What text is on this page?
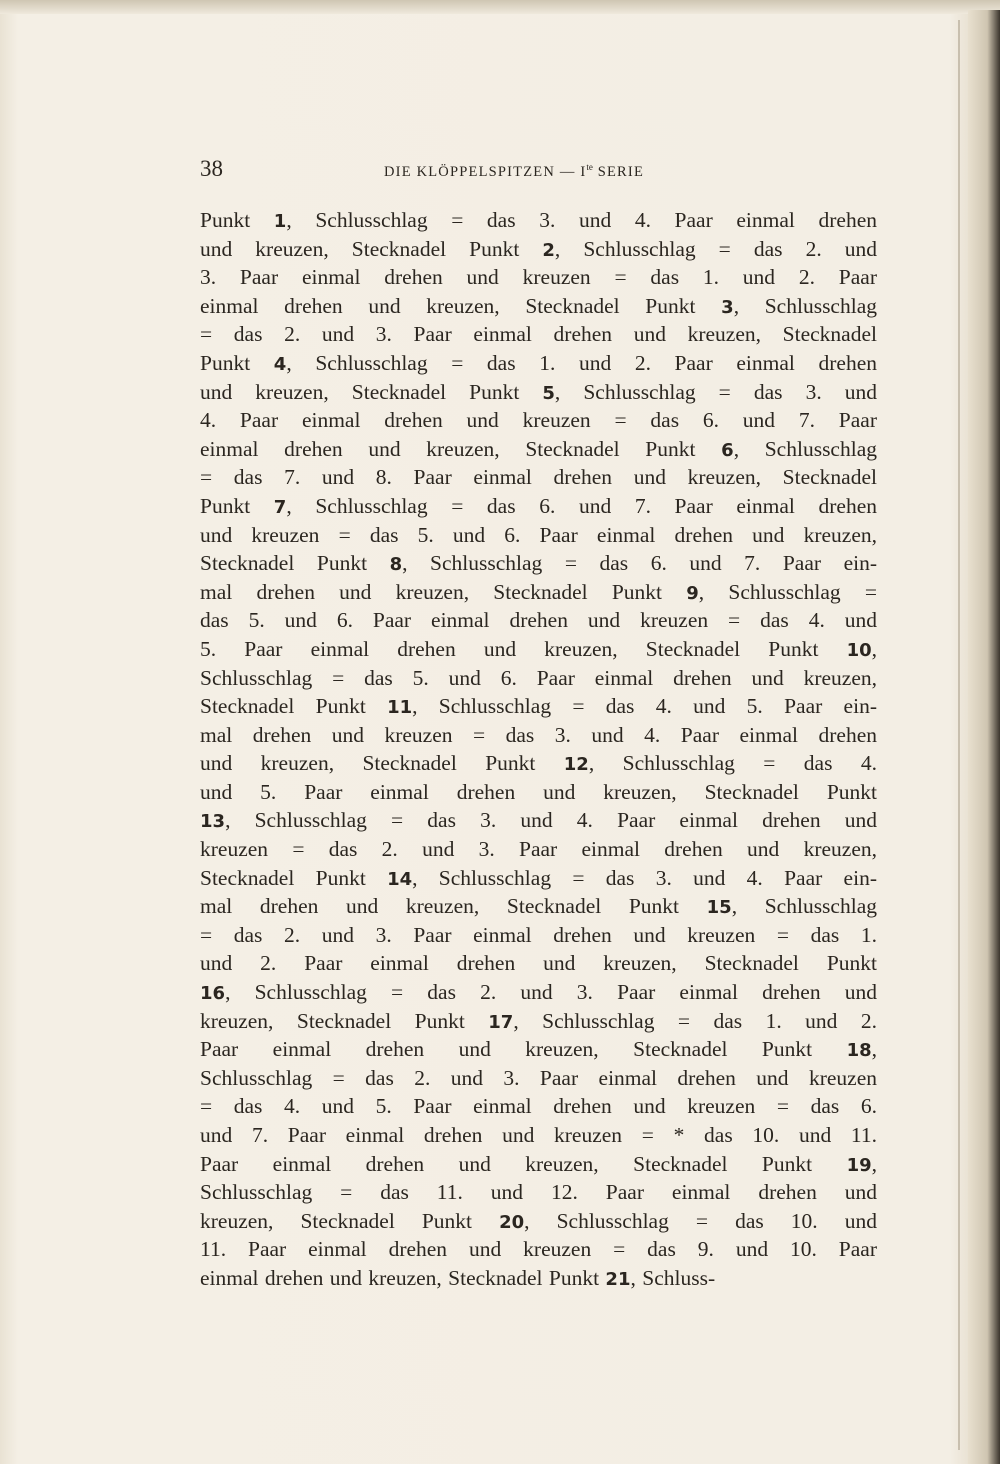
38	DIE KLÖPPELSPITZEN — $I^{te}$ SERIE
Punkt 1, Schlusschlag = das 3. und 4. Paar einmal drehen
und kreuzen, Stecknadel Punkt 2, Schlusschlag = das 2. und
3. Paar einmal drehen und kreuzen = das 1. und 2. Paar
einmal drehen und kreuzen, Stecknadel Punkt 3, Schlusschlag
= das 2. und 3. Paar einmal drehen und kreuzen, Stecknadel
Punkt 4, Schlusschlag = das 1. und 2. Paar einmal drehen
und kreuzen, Stecknadel Punkt 5, Schlusschlag = das 3. und
4. Paar einmal drehen und kreuzen = das 6. und 7. Paar
einmal drehen und kreuzen, Stecknadel Punkt 6, Schlusschlag
= das 7. und 8. Paar einmal drehen und kreuzen, Stecknadel
Punkt 7, Schlusschlag = das 6. und 7. Paar einmal drehen
und kreuzen = das 5. und 6. Paar einmal drehen und kreuzen,
Stecknadel Punkt 8, Schlusschlag = das 6. und 7. Paar ein-
mal drehen und kreuzen, Stecknadel Punkt 9, Schlusschlag =
das 5. und 6. Paar einmal drehen und kreuzen = das 4. und
5. Paar einmal drehen und kreuzen, Stecknadel Punkt 10,
Schlusschlag = das 5. und 6. Paar einmal drehen und kreuzen,
Stecknadel Punkt 11, Schlusschlag = das 4. und 5. Paar ein-
mal drehen und kreuzen = das 3. und 4. Paar einmal drehen
und kreuzen, Stecknadel Punkt 12, Schlusschlag = das 4.
und 5. Paar einmal drehen und kreuzen, Stecknadel Punkt
13, Schlusschlag = das 3. und 4. Paar einmal drehen und
kreuzen = das 2. und 3. Paar einmal drehen und kreuzen,
Stecknadel Punkt 14, Schlusschlag = das 3. und 4. Paar ein-
mal drehen und kreuzen, Stecknadel Punkt 15, Schlusschlag
= das 2. und 3. Paar einmal drehen und kreuzen = das 1.
und 2. Paar einmal drehen und kreuzen, Stecknadel Punkt
16, Schlusschlag = das 2. und 3. Paar einmal drehen und
kreuzen, Stecknadel Punkt 17, Schlusschlag = das 1. und 2.
Paar einmal drehen und kreuzen, Stecknadel Punkt 18,
Schlusschlag = das 2. und 3. Paar einmal drehen und kreuzen
= das 4. und 5. Paar einmal drehen und kreuzen = das 6.
und 7. Paar einmal drehen und kreuzen = * das 10. und 11.
Paar einmal drehen und kreuzen, Stecknadel Punkt 19,
Schlusschlag = das 11. und 12. Paar einmal drehen und
kreuzen, Stecknadel Punkt 20, Schlusschlag = das 10. und
11. Paar einmal drehen und kreuzen = das 9. und 10. Paar
einmal drehen und kreuzen, Stecknadel Punkt 21, Schluss-
